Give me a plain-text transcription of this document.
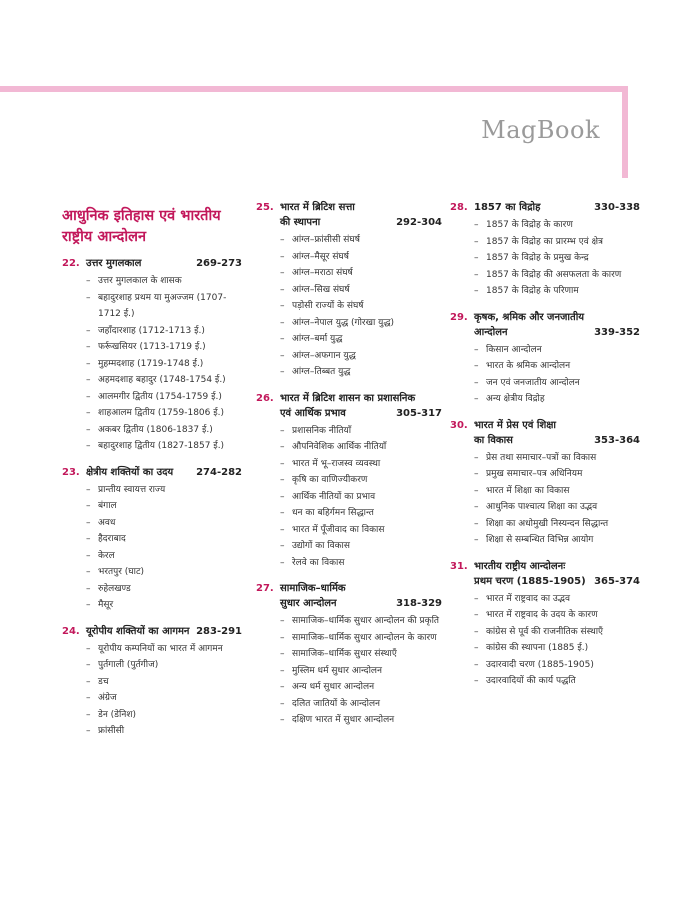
MagBook
आधुनिक इतिहास एवं भारतीय राष्ट्रीय आन्दोलन
22. उत्तर मुगलकाल	269-273
– उत्तर मुगलकाल के शासक
– बहादुरशाह प्रथम या मुअज्जम (1707-1712 ई.)
– जहाँदारशाह (1712-1713 ई.)
– फर्रूखसियर (1713-1719 ई.)
– मुहम्मदशाह (1719-1748 ई.)
– अहमदशाह बहादुर (1748-1754 ई.)
– आलमगीर द्वितीय (1754-1759 ई.)
– शाहआलम द्वितीय (1759-1806 ई.)
– अकबर द्वितीय (1806-1837 ई.)
– बहादुरशाह द्वितीय (1827-1857 ई.)
23. क्षेत्रीय शक्तियों का उदय	274-282
– प्रान्तीय स्वायत्त राज्य
– बंगाल
– अवध
– हैदराबाद
– केरल
– भरतपुर (घाट)
– रुहेलखण्ड
– मैसूर
24. यूरोपीय शक्तियों का आगमन 283-291
– यूरोपीय कम्पनियों का भारत में आगमन
– पुर्तगाली (पुर्तगीज)
– डच
– अंग्रेज
– डेन (डेनिश)
– फ्रांसीसी
25. भारत में ब्रिटिश सत्ता
की स्थापना	292-304
– आंग्ल–फ्रांसीसी संघर्ष
– आंग्ल–मैसूर संघर्ष
– आंग्ल–मराठा संघर्ष
– आंग्ल–सिख संघर्ष
– पड़ोसी राज्यों के संघर्ष
– आंग्ल–नेपाल युद्ध (गोरखा युद्ध)
– आंग्ल–बर्मा युद्ध
– आंग्ल–अफगान युद्ध
– आंग्ल–तिब्बत युद्ध
26. भारत में ब्रिटिश शासन का प्रशासनिक
एवं आर्थिक प्रभाव	305-317
– प्रशासनिक नीतियाँ
– औपनिवेशिक आर्थिक नीतियाँ
– भारत में भू–राजस्व व्यवस्था
– कृषि का वाणिज्यीकरण
– आर्थिक नीतियों का प्रभाव
– धन का बहिर्गमन सिद्धान्त
– भारत में पूँजीवाद का विकास
– उद्योगों का विकास
– रेलवे का विकास
27. सामाजिक–धार्मिक
सुधार आन्दोलन	318-329
– सामाजिक–धार्मिक सुधार आन्दोलन की प्रकृति
– सामाजिक–धार्मिक सुधार आन्दोलन के कारण
– सामाजिक–धार्मिक सुधार संस्थाएँ
– मुस्लिम धर्म सुधार आन्दोलन
– अन्य धर्म सुधार आन्दोलन
– दलित जातियों के आन्दोलन
– दक्षिण भारत में सुधार आन्दोलन
28. 1857 का विद्रोह	330-338
– 1857 के विद्रोह के कारण
– 1857 के विद्रोह का प्रारम्भ एवं क्षेत्र
– 1857 के विद्रोह के प्रमुख केन्द्र
– 1857 के विद्रोह की असफलता के कारण
– 1857 के विद्रोह के परिणाम
29. कृषक, श्रमिक और जनजातीय
आन्दोलन	339-352
– किसान आन्दोलन
– भारत के श्रमिक आन्दोलन
– जन एवं जनजातीय आन्दोलन
– अन्य क्षेत्रीय विद्रोह
30. भारत में प्रेस एवं शिक्षा
का विकास	353-364
– प्रेस तथा समाचार–पत्रों का विकास
– प्रमुख समाचार–पत्र अधिनियम
– भारत में शिक्षा का विकास
– आधुनिक पाश्चात्य शिक्षा का उद्भव
– शिक्षा का अधोमुखी निस्यन्दन सिद्धान्त
– शिक्षा से सम्बन्धित विभिन्न आयोग
31. भारतीय राष्ट्रीय आन्दोलनः
प्रथम चरण (1885-1905) 365-374
– भारत में राष्ट्रवाद का उद्भव
– भारत में राष्ट्रवाद के उदय के कारण
– कांग्रेस से पूर्व की राजनीतिक संस्थाएँ
– कांग्रेस की स्थापना (1885 ई.)
– उदारवादी चरण (1885-1905)
– उदारवादियों की कार्य पद्धति
